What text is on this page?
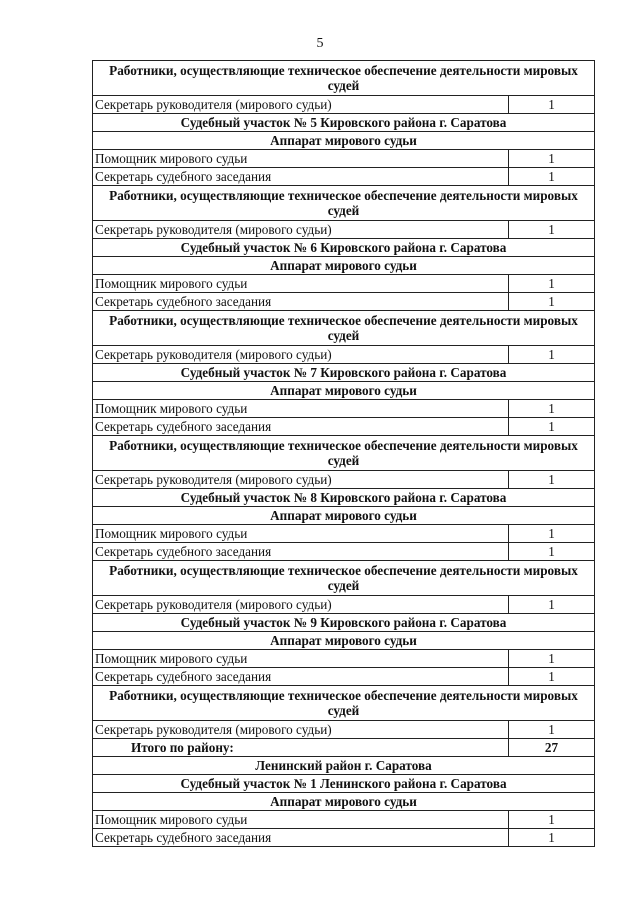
5
Работники, осуществляющие техническое обеспечение деятельности мировых судей	
Секретарь руководителя (мирового судьи)	1
Судебный участок № 5 Кировского района г. Саратова	
Аппарат мирового судьи	
Помощник мирового судьи	1
Секретарь судебного заседания	1
Работники, осуществляющие техническое обеспечение деятельности мировых судей	
Секретарь руководителя (мирового судьи)	1
Судебный участок № 6 Кировского района г. Саратова	
Аппарат мирового судьи	
Помощник мирового судьи	1
Секретарь судебного заседания	1
Работники, осуществляющие техническое обеспечение деятельности мировых судей	
Секретарь руководителя (мирового судьи)	1
Судебный участок № 7 Кировского района г. Саратова	
Аппарат мирового судьи	
Помощник мирового судьи	1
Секретарь судебного заседания	1
Работники, осуществляющие техническое обеспечение деятельности мировых судей	
Секретарь руководителя (мирового судьи)	1
Судебный участок № 8 Кировского района г. Саратова	
Аппарат мирового судьи	
Помощник мирового судьи	1
Секретарь судебного заседания	1
Работники, осуществляющие техническое обеспечение деятельности мировых судей	
Секретарь руководителя (мирового судьи)	1
Судебный участок № 9 Кировского района г. Саратова	
Аппарат мирового судьи	
Помощник мирового судьи	1
Секретарь судебного заседания	1
Работники, осуществляющие техническое обеспечение деятельности мировых судей	
Секретарь руководителя (мирового судьи)	1
Итого по району:	27
Ленинский район г. Саратова	
Судебный участок № 1 Ленинского района г. Саратова	
Аппарат мирового судьи	
Помощник мирового судьи	1
Секретарь судебного заседания	1
